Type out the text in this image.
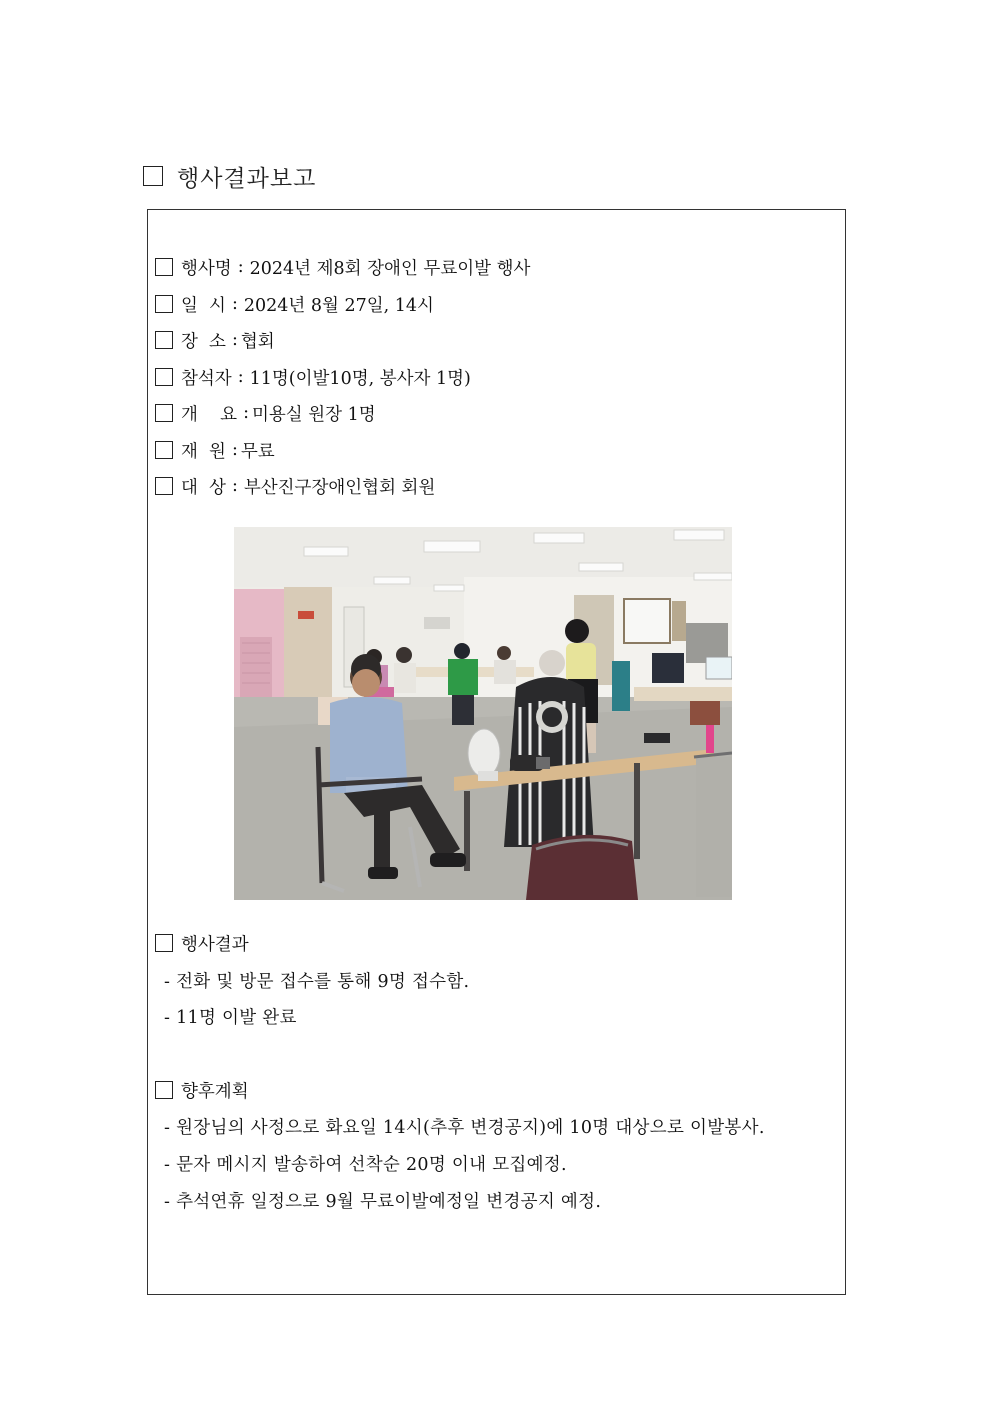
행사결과보고
행사명 : 2024년 제8회 장애인 무료이발 행사
일  시 : 2024년 8월 27일, 14시
장  소 : 협회
참석자 : 11명(이발10명, 봉사자 1명)
개    요 : 미용실 원장 1명
재  원 : 무료
대  상 : 부산진구장애인협회 회원
행사결과
- 전화 및 방문 접수를 통해 9명 접수함.
- 11명 이발 완료
향후계획
- 원장님의 사정으로 화요일 14시(추후 변경공지)에 10명 대상으로 이발봉사.
- 문자 메시지 발송하여 선착순 20명 이내 모집예정.
- 추석연휴 일정으로 9월 무료이발예정일 변경공지 예정.
